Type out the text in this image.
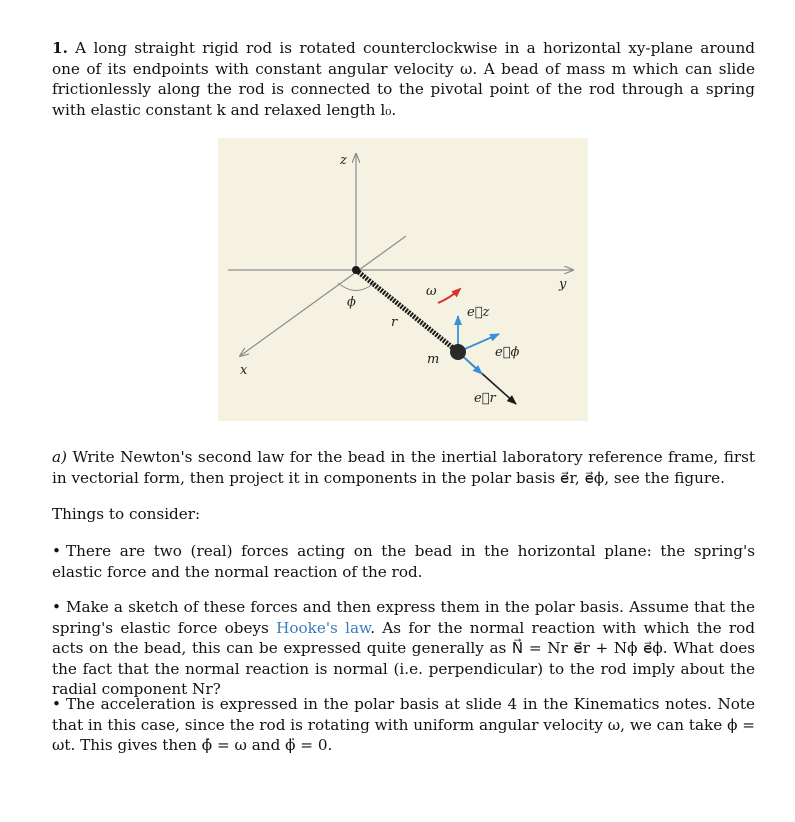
1. A long straight rigid rod is rotated counterclockwise in a horizontal xy-plane around one of its endpoints with constant angular velocity ω. A bead of mass m which can slide frictionlessly along the rod is connected to the pivotal point of the rod through a spring with elastic constant k and relaxed length l₀.

z
y
x
ϕ
r
ω
m
e⃗z
e⃗ϕ
e⃗r

a) Write Newton's second law for the bead in the inertial laboratory reference frame, first in vectorial form, then project it in components in the polar basis e⃗r, e⃗ϕ, see the figure.

Things to consider:

• There are two (real) forces acting on the bead in the horizontal plane: the spring's elastic force and the normal reaction of the rod.

• Make a sketch of these forces and then express them in the polar basis. Assume that the spring's elastic force obeys Hooke's law. As for the normal reaction with which the rod acts on the bead, this can be expressed quite generally as N⃗ = Nr e⃗r + Nϕ e⃗ϕ. What does the fact that the normal reaction is normal (i.e. perpendicular) to the rod imply about the radial component Nr?

• The acceleration is expressed in the polar basis at slide 4 in the Kinematics notes. Note that in this case, since the rod is rotating with uniform angular velocity ω, we can take ϕ = ωt. This gives then ϕ̇ = ω and ϕ̈ = 0.
